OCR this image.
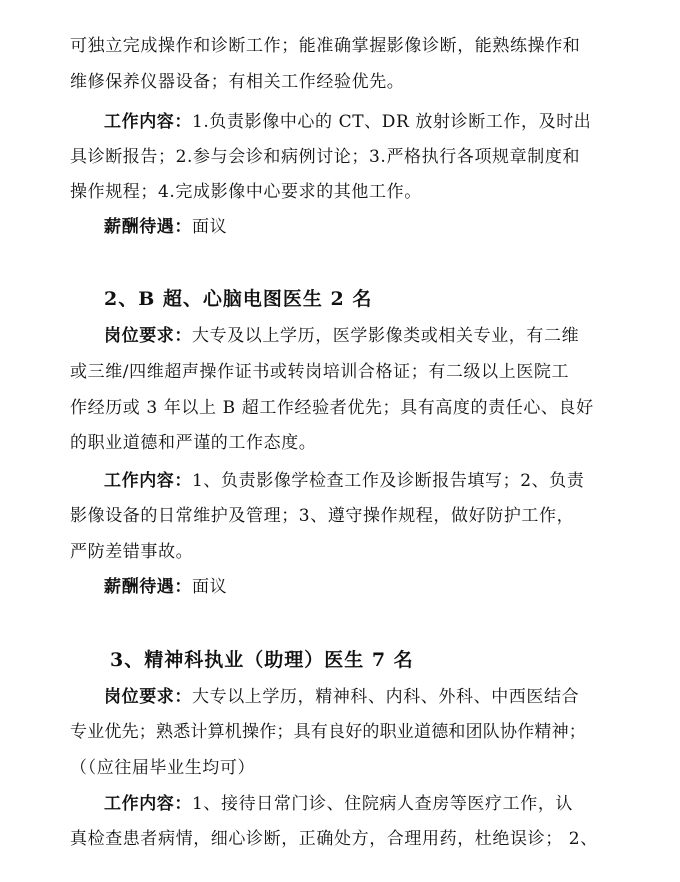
可独立完成操作和诊断工作；能准确掌握影像诊断，能熟练操作和
维修保养仪器设备；有相关工作经验优先。
工作内容：1.负责影像中心的 CT、DR 放射诊断工作，及时出
具诊断报告；2.参与会诊和病例讨论；3.严格执行各项规章制度和
操作规程；4.完成影像中心要求的其他工作。
薪酬待遇：面议
2、B 超、心脑电图医生 2 名
岗位要求：大专及以上学历，医学影像类或相关专业，有二维
或三维/四维超声操作证书或转岗培训合格证；有二级以上医院工
作经历或 3 年以上 B 超工作经验者优先；具有高度的责任心、良好
的职业道德和严谨的工作态度。
工作内容：1、负责影像学检查工作及诊断报告填写；2、负责
影像设备的日常维护及管理；3、遵守操作规程，做好防护工作，
严防差错事故。
薪酬待遇：面议
3、精神科执业（助理）医生 7 名
岗位要求：大专以上学历，精神科、内科、外科、中西医结合
专业优先；熟悉计算机操作；具有良好的职业道德和团队协作精神；
（（应往届毕业生均可）
工作内容：1、接待日常门诊、住院病人查房等医疗工作，认
真检查患者病情，细心诊断，正确处方，合理用药，杜绝误诊； 2、
